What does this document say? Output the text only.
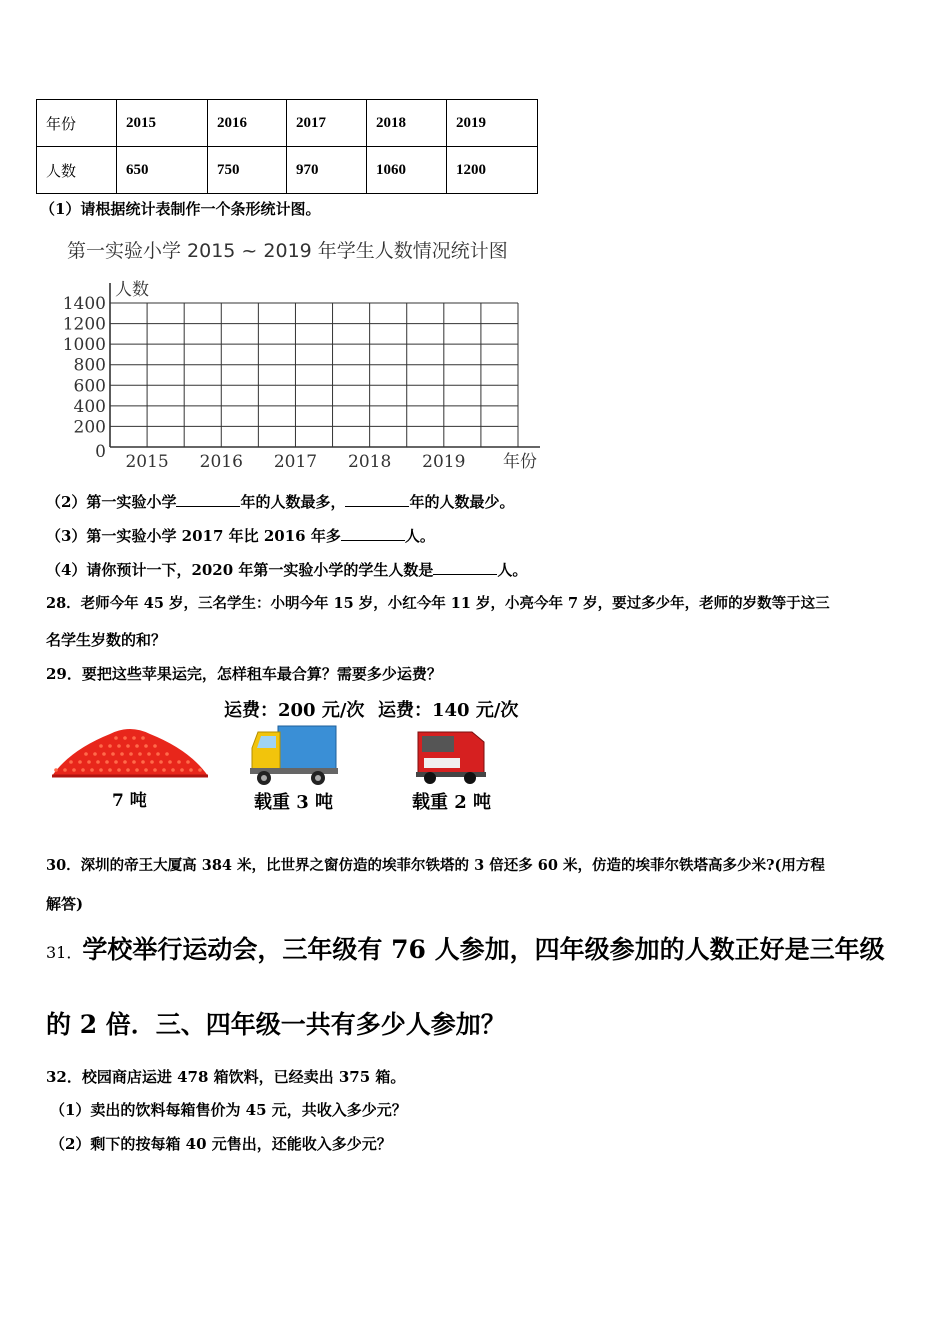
年份	2015	2016	2017	2018	2019
人数	650	750	970	1060	1200
（1）请根据统计表制作一个条形统计图。
第一实验小学 2015 ~ 2019 年学生人数情况统计图
0
200
400
600
800
1000
1200
1400
2015 2016 2017 2018 2019
人数
年份
（2）第一实验小学	年的人数最多，	年的人数最少。
（3）第一实验小学 2017 年比 2016 年多	人。
（4）请你预计一下，2020 年第一实验小学的学生人数是	人。
28．老师今年 45 岁，三名学生：小明今年 15 岁，小红今年 11 岁，小亮今年 7 岁，要过多少年，老师的岁数等于这三
名学生岁数的和？
29．要把这些苹果运完，怎样租车最合算？需要多少运费？
运费：200 元/次 运费：140 元/次
7 吨	载重 3 吨	载重 2 吨
30．深圳的帝王大厦高 384 米，比世界之窗仿造的埃菲尔铁塔的 3 倍还多 60 米，仿造的埃菲尔铁塔高多少米?(用方程
解答)
31．学校举行运动会，三年级有 76 人参加，四年级参加的人数正好是三年级
的 2 倍．三、四年级一共有多少人参加？
32．校园商店运进 478 箱饮料，已经卖出 375 箱。
（1）卖出的饮料每箱售价为 45 元，共收入多少元？
（2）剩下的按每箱 40 元售出，还能收入多少元？
